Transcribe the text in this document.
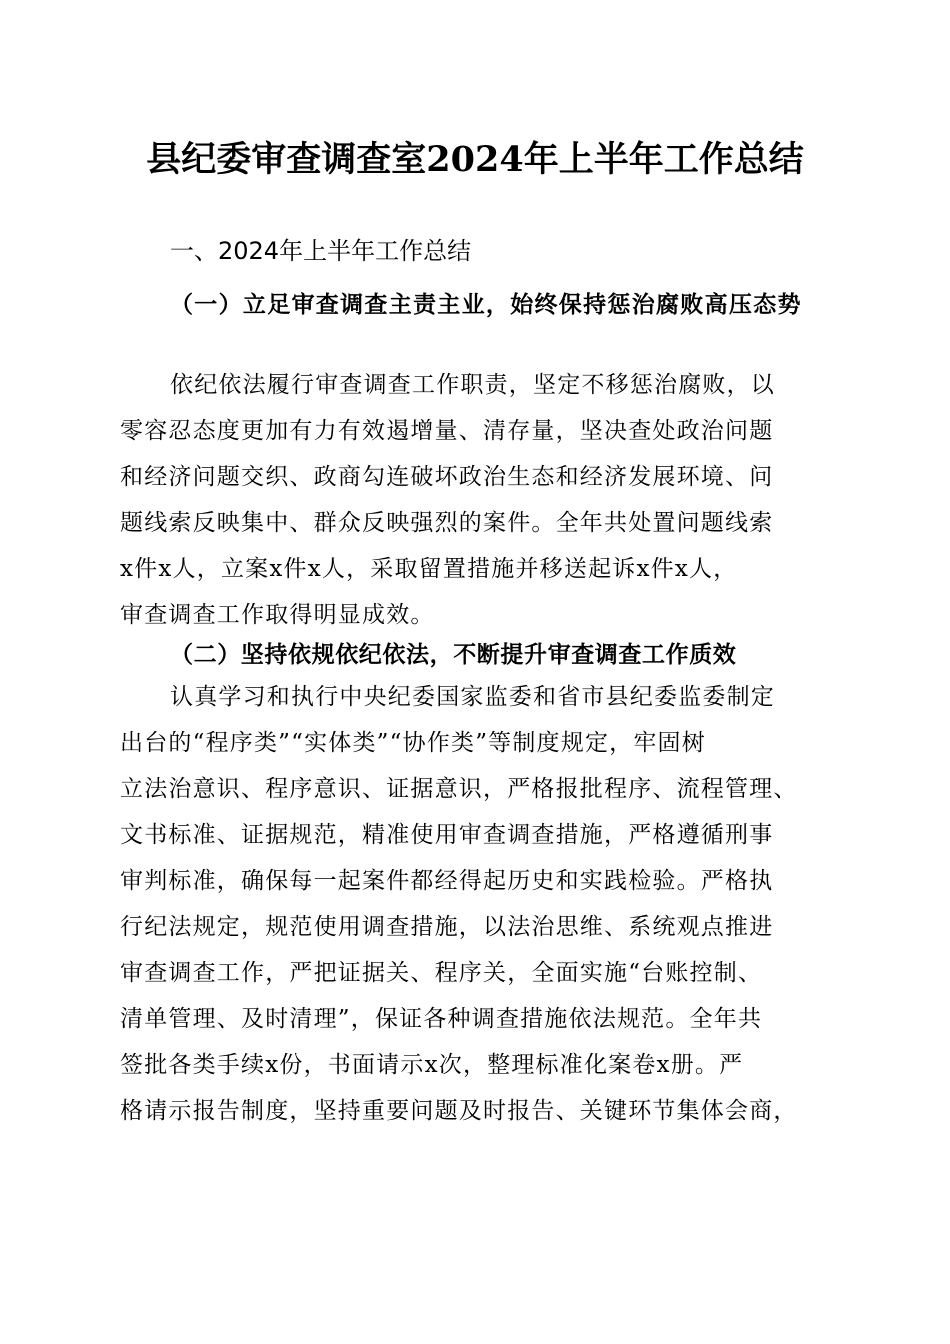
县纪委审查调查室2024年上半年工作总结
一、2024年上半年工作总结

（一）立足审查调查主责主业，始终保持惩治腐败高压态势

依纪依法履行审查调查工作职责，坚定不移惩治腐败，以
零容忍态度更加有力有效遏增量、清存量，坚决查处政治问题
和经济问题交织、政商勾连破坏政治生态和经济发展环境、问
题线索反映集中、群众反映强烈的案件。全年共处置问题线索
x件x人，立案x件x人，采取留置措施并移送起诉x件x人，
审查调查工作取得明显成效。

（二）坚持依规依纪依法，不断提升审查调查工作质效

认真学习和执行中央纪委国家监委和省市县纪委监委制定
出台的“程序类”“实体类”“协作类”等制度规定，牢固树
立法治意识、程序意识、证据意识，严格报批程序、流程管理、
文书标准、证据规范，精准使用审查调查措施，严格遵循刑事
审判标准，确保每一起案件都经得起历史和实践检验。严格执
行纪法规定，规范使用调查措施，以法治思维、系统观点推进
审查调查工作，严把证据关、程序关，全面实施“台账控制、
清单管理、及时清理”，保证各种调查措施依法规范。全年共
签批各类手续x份，书面请示x次，整理标准化案卷x册。严
格请示报告制度，坚持重要问题及时报告、关键环节集体会商，
